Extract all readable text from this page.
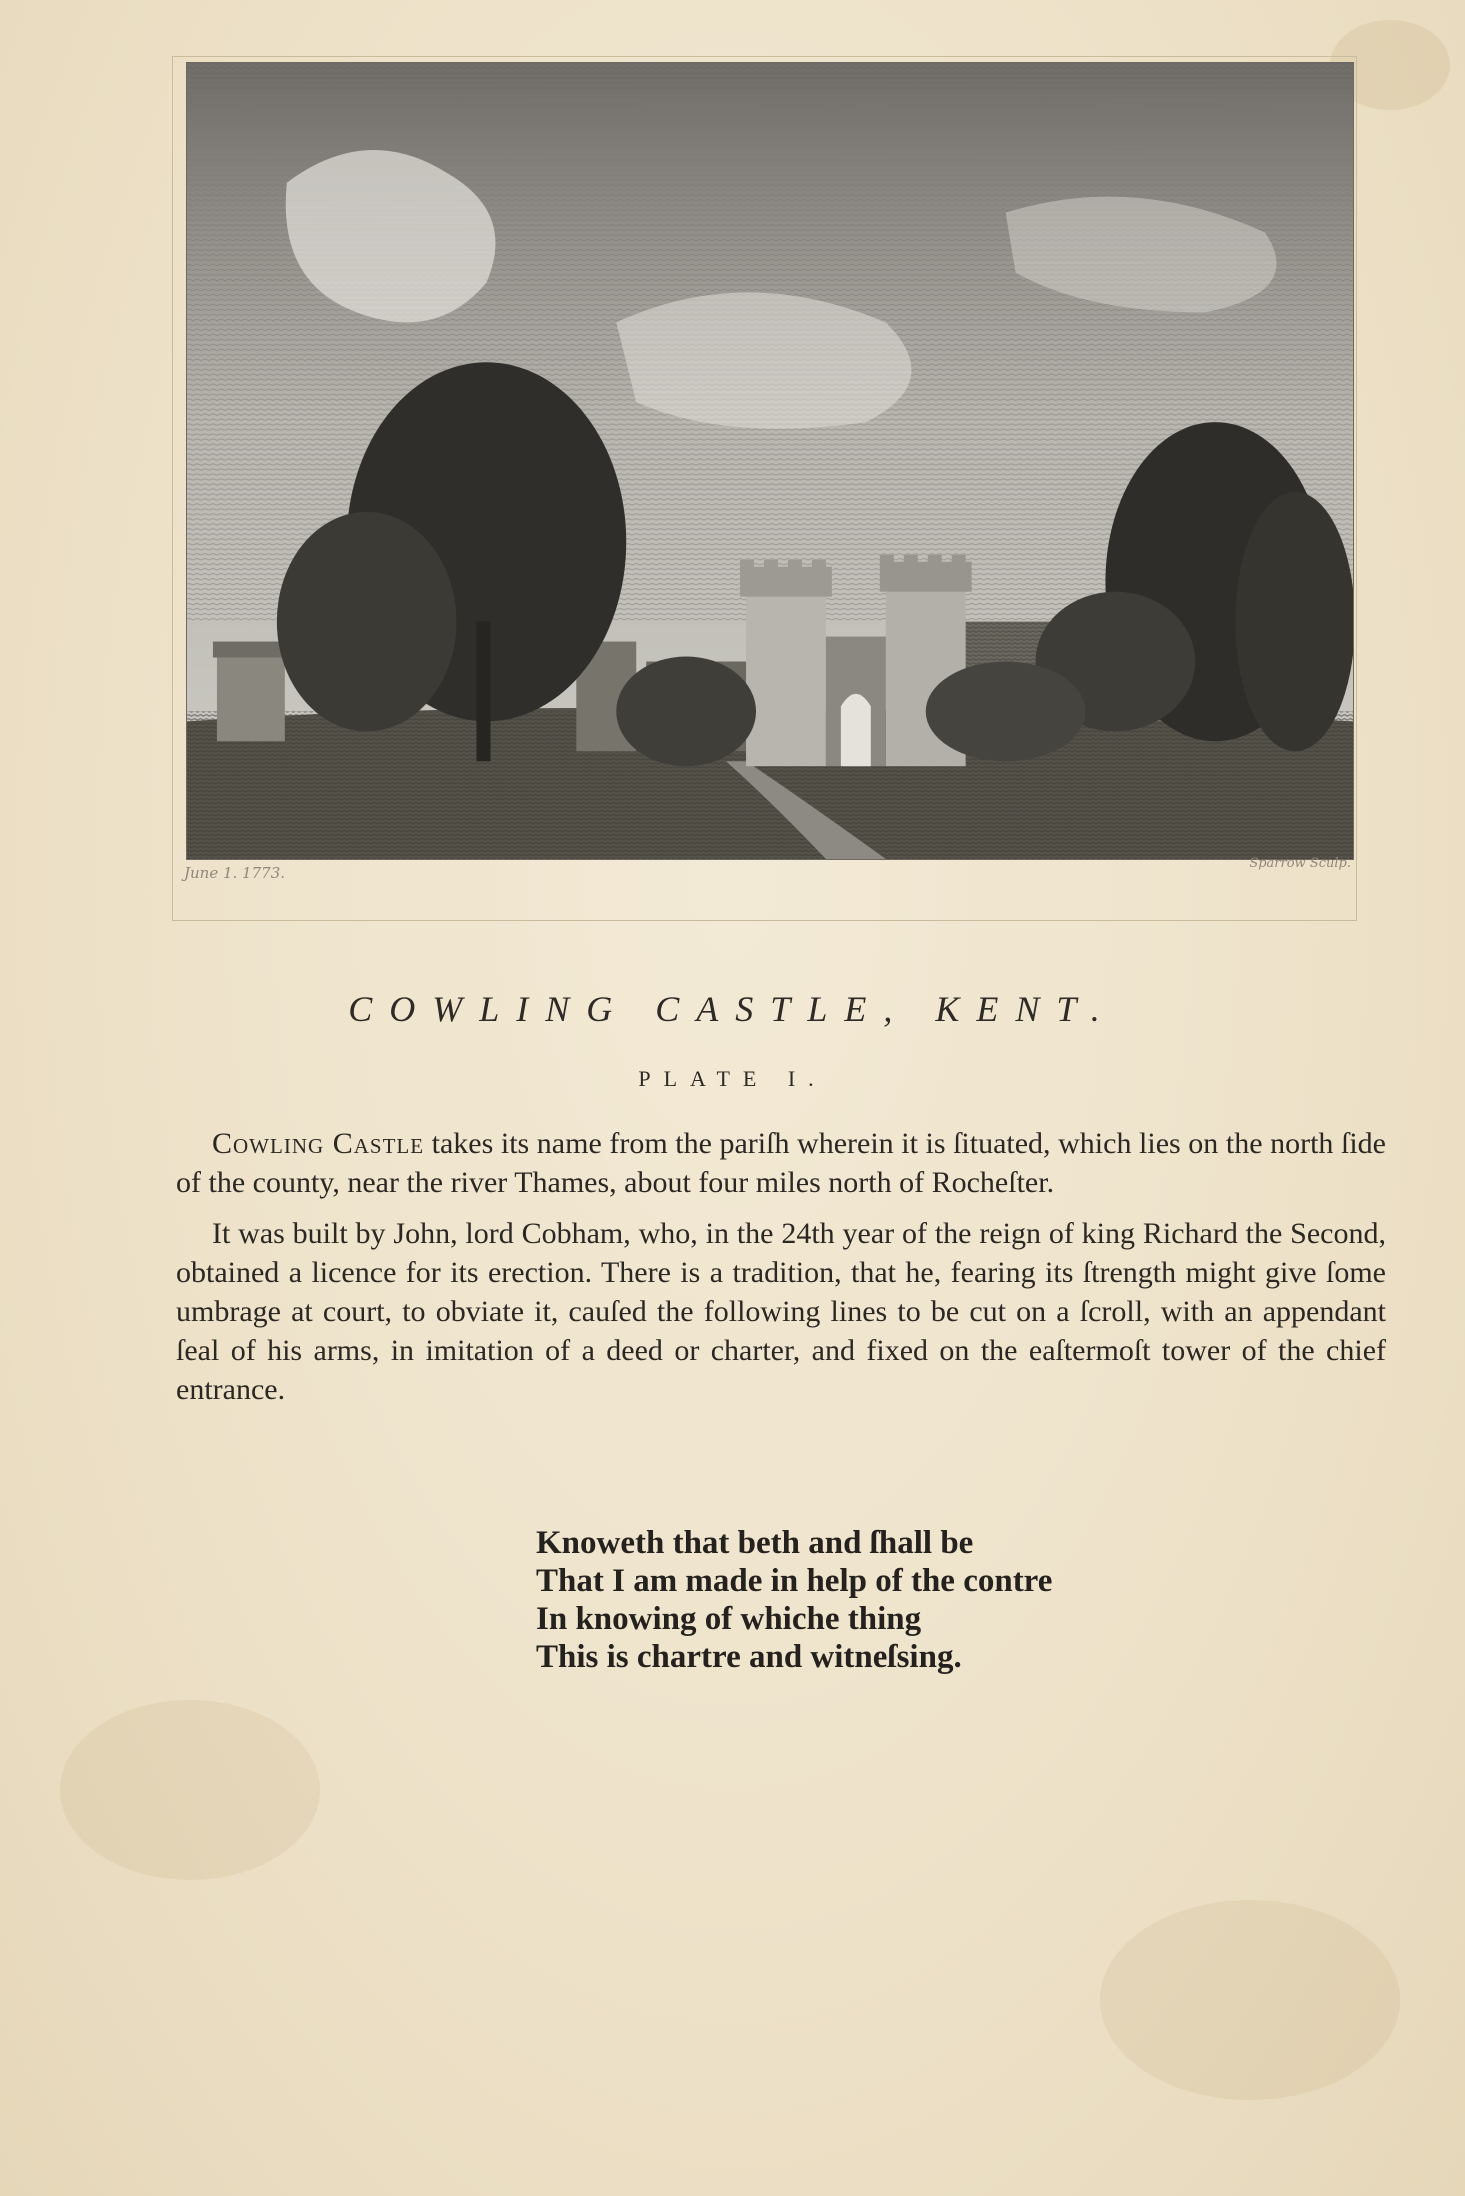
June 1. 1773.
Sparrow Sculp.
COWLING CASTLE, KENT.
PLATE I.

Cowling Castle takes its name from the pariſh wherein it is ſituated, which lies on the north ſide of the county, near the river Thames, about four miles north of Rocheſter.

It was built by John, lord Cobham, who, in the 24th year of the reign of king Richard the Second, obtained a licence for its erection. There is a tradition, that he, fearing its ſtrength might give ſome umbrage at court, to obviate it, cauſed the following lines to be cut on a ſcroll, with an appendant ſeal of his arms, in imitation of a deed or charter, and fixed on the eaſtermoſt tower of the chief entrance.

Knoweth that beth and ſhall be
That I am made in help of the contre
In knowing of whiche thing
This is chartre and witneſsing.
